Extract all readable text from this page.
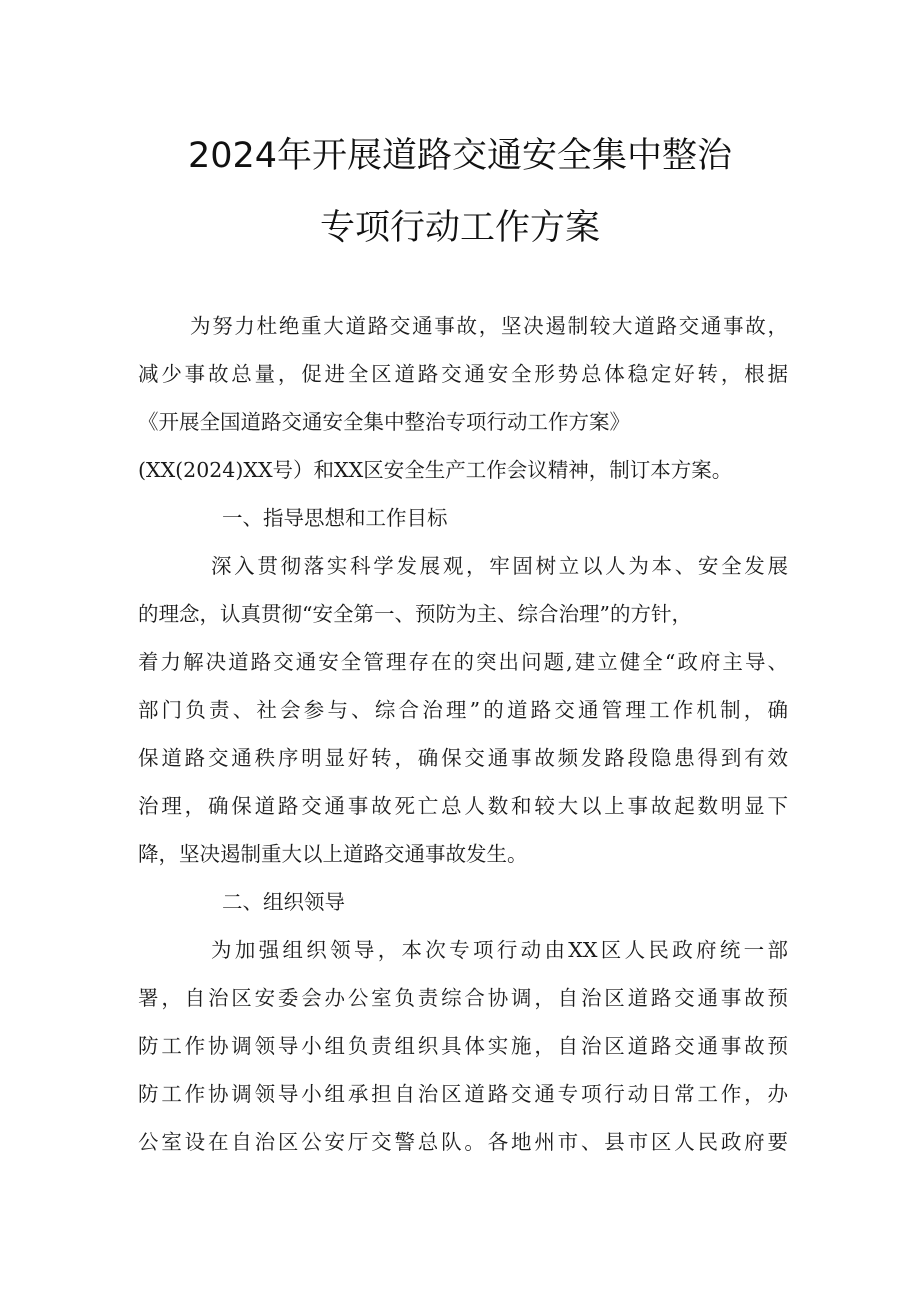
2024年开展道路交通安全集中整治
专项行动工作方案
为努力杜绝重大道路交通事故，坚决遏制较大道路交通事故，
减少事故总量，促进全区道路交通安全形势总体稳定好转，根据
《开展全国道路交通安全集中整治专项行动工作方案》
(XX(2024)XX号）和XX区安全生产工作会议精神，制订本方案。
一、指导思想和工作目标
深入贯彻落实科学发展观，牢固树立以人为本、安全发展
的理念，认真贯彻“安全第一、预防为主、综合治理”的方针，
着力解决道路交通安全管理存在的突出问题,建立健全“政府主导、
部门负责、社会参与、综合治理”的道路交通管理工作机制，确
保道路交通秩序明显好转，确保交通事故频发路段隐患得到有效
治理，确保道路交通事故死亡总人数和较大以上事故起数明显下
降，坚决遏制重大以上道路交通事故发生。
二、组织领导
为加强组织领导，本次专项行动由XX区人民政府统一部
署，自治区安委会办公室负责综合协调，自治区道路交通事故预
防工作协调领导小组负责组织具体实施，自治区道路交通事故预
防工作协调领导小组承担自治区道路交通专项行动日常工作，办
公室设在自治区公安厅交警总队。各地州市、县市区人民政府要
